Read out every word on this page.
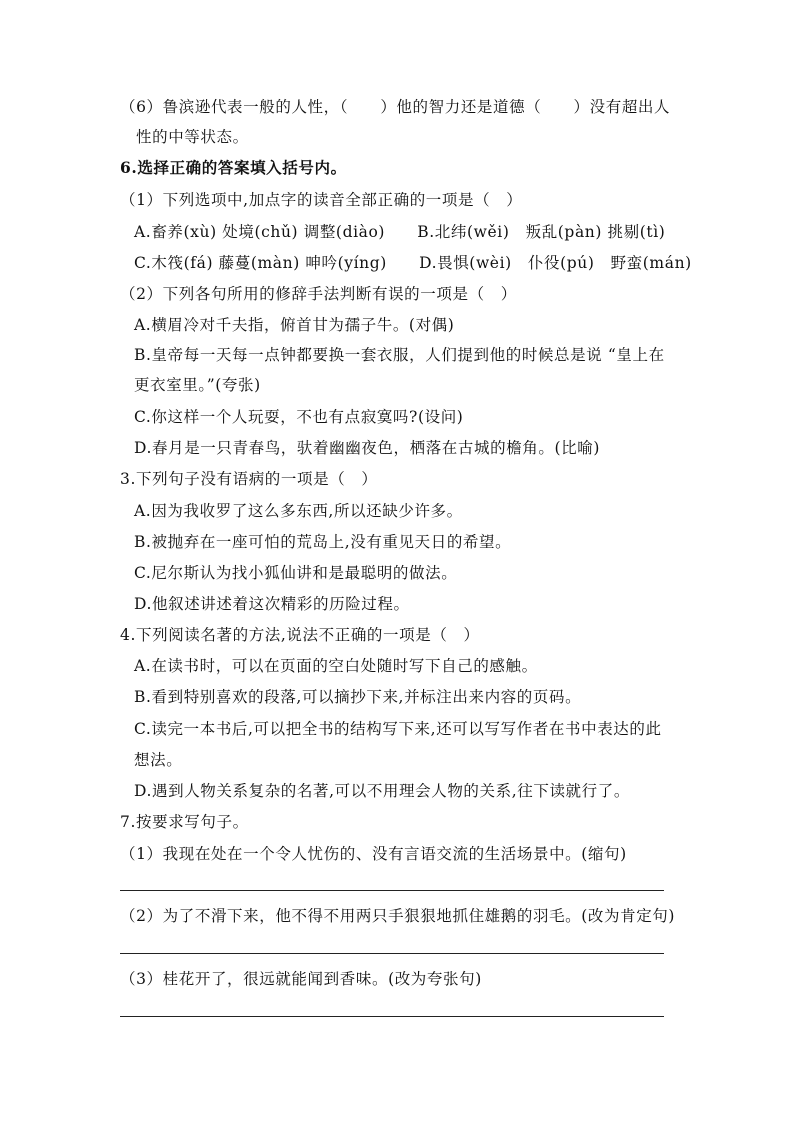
（6）鲁滨逊代表一般的人性，（　　）他的智力还是道德（　　）没有超出人
性的中等状态。
6.选择正确的答案填入括号内。
（1）下列选项中,加点字的读音全部正确的一项是（　）
A.畜养(xù) 处境(chǔ) 调整(diào)　　B.北纬(wěi)　叛乱(pàn) 挑剔(tì)
C.木筏(fá) 藤蔓(màn) 呻吟(yíng)　　D.畏惧(wèi)　仆役(pú)　野蛮(mán)
（2）下列各句所用的修辞手法判断有误的一项是（　）
A.横眉冷对千夫指，俯首甘为孺子牛。(对偶)
B.皇帝每一天每一点钟都要换一套衣服，人们提到他的时候总是说 “皇上在
更衣室里。”(夸张)
C.你这样一个人玩耍，不也有点寂寞吗?(设问)
D.春月是一只青春鸟，驮着幽幽夜色，栖落在古城的檐角。(比喻)
3.下列句子没有语病的一项是（　）
A.因为我收罗了这么多东西,所以还缺少许多。
B.被抛弃在一座可怕的荒岛上,没有重见天日的希望。
C.尼尔斯认为找小狐仙讲和是最聪明的做法。
D.他叙述讲述着这次精彩的历险过程。
4.下列阅读名著的方法,说法不正确的一项是（　）
A.在读书时，可以在页面的空白处随时写下自己的感触。
B.看到特别喜欢的段落,可以摘抄下来,并标注出来内容的页码。
C.读完一本书后,可以把全书的结构写下来,还可以写写作者在书中表达的此
想法。
D.遇到人物关系复杂的名著,可以不用理会人物的关系,往下读就行了。
7.按要求写句子。
（1）我现在处在一个令人忧伤的、没有言语交流的生活场景中。(缩句)
（2）为了不滑下来，他不得不用两只手狠狠地抓住雄鹅的羽毛。(改为肯定句)
（3）桂花开了，很远就能闻到香味。(改为夸张句)
